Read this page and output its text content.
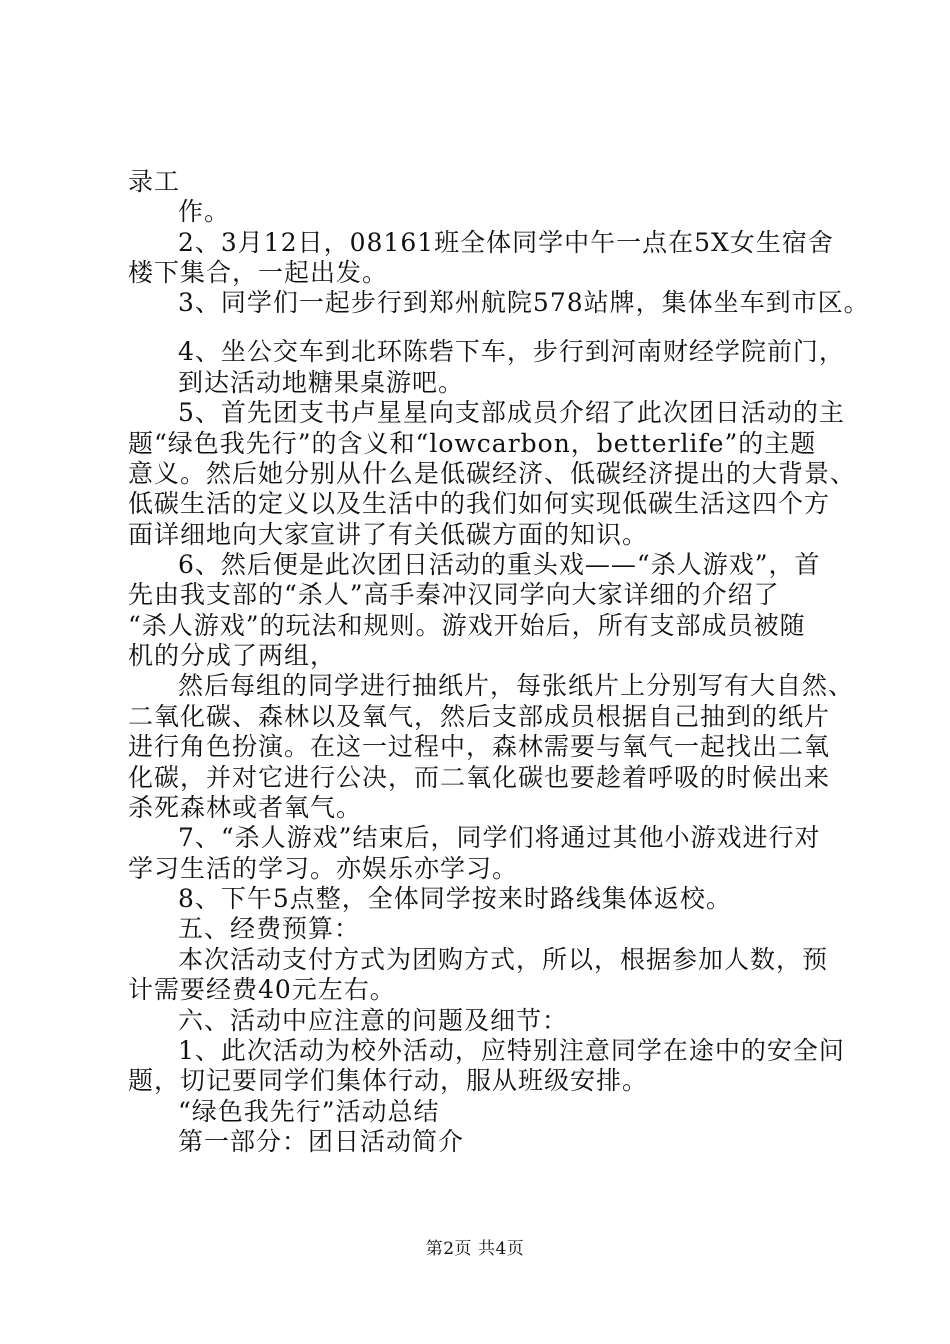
录工
作。
2、3月12日，08161班全体同学中午一点在5X女生宿舍
楼下集合，一起出发。
3、同学们一起步行到郑州航院578站牌，集体坐车到市区。
4、坐公交车到北环陈砦下车，步行到河南财经学院前门，
到达活动地糖果桌游吧。
5、首先团支书卢星星向支部成员介绍了此次团日活动的主
题“绿色我先行”的含义和“lowcarbon，betterlife”的主题
意义。然后她分别从什么是低碳经济、低碳经济提出的大背景、
低碳生活的定义以及生活中的我们如何实现低碳生活这四个方
面详细地向大家宣讲了有关低碳方面的知识。
6、然后便是此次团日活动的重头戏——“杀人游戏”，首
先由我支部的“杀人”高手秦冲汉同学向大家详细的介绍了
“杀人游戏”的玩法和规则。游戏开始后，所有支部成员被随
机的分成了两组，
然后每组的同学进行抽纸片，每张纸片上分别写有大自然、
二氧化碳、森林以及氧气，然后支部成员根据自己抽到的纸片
进行角色扮演。在这一过程中，森林需要与氧气一起找出二氧
化碳，并对它进行公决，而二氧化碳也要趁着呼吸的时候出来
杀死森林或者氧气。
7、“杀人游戏”结束后，同学们将通过其他小游戏进行对
学习生活的学习。亦娱乐亦学习。
8、下午5点整，全体同学按来时路线集体返校。
五、经费预算：
本次活动支付方式为团购方式，所以，根据参加人数，预
计需要经费40元左右。
六、活动中应注意的问题及细节：
1、此次活动为校外活动，应特别注意同学在途中的安全问
题，切记要同学们集体行动，服从班级安排。
“绿色我先行”活动总结
第一部分：团日活动简介
第2页 共4页
